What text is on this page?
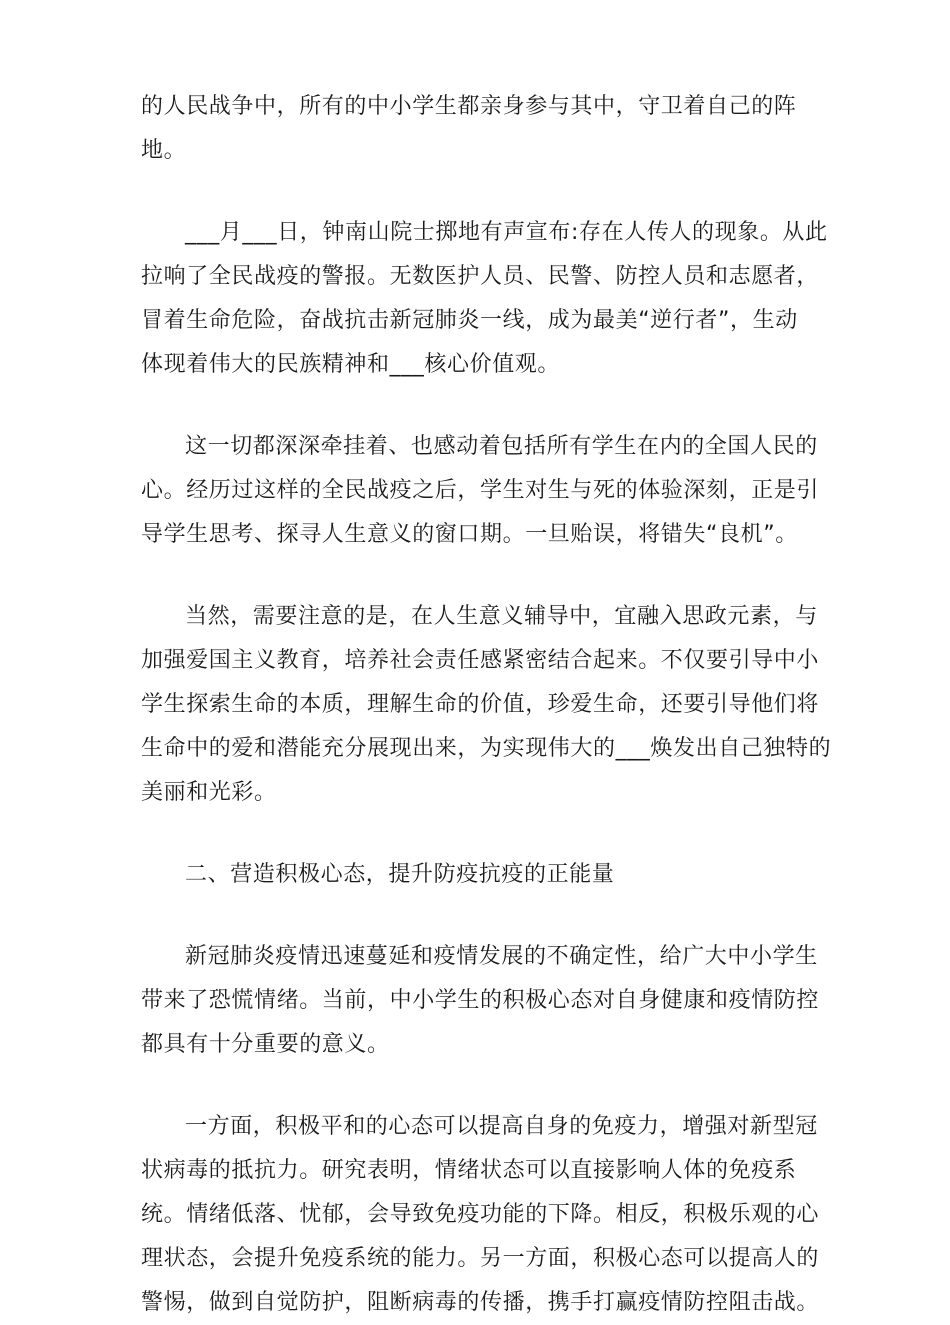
的人民战争中，所有的中小学生都亲身参与其中，守卫着自己的阵
地。
___月___日，钟南山院士掷地有声宣布:存在人传人的现象。从此
拉响了全民战疫的警报。无数医护人员、民警、防控人员和志愿者，
冒着生命危险，奋战抗击新冠肺炎一线，成为最美“逆行者”，生动
体现着伟大的民族精神和___核心价值观。
这一切都深深牵挂着、也感动着包括所有学生在内的全国人民的
心。经历过这样的全民战疫之后，学生对生与死的体验深刻，正是引
导学生思考、探寻人生意义的窗口期。一旦贻误，将错失“良机”。
当然，需要注意的是，在人生意义辅导中，宜融入思政元素，与
加强爱国主义教育，培养社会责任感紧密结合起来。不仅要引导中小
学生探索生命的本质，理解生命的价值，珍爱生命，还要引导他们将
生命中的爱和潜能充分展现出来，为实现伟大的___焕发出自己独特的
美丽和光彩。
二、营造积极心态，提升防疫抗疫的正能量
新冠肺炎疫情迅速蔓延和疫情发展的不确定性，给广大中小学生
带来了恐慌情绪。当前，中小学生的积极心态对自身健康和疫情防控
都具有十分重要的意义。
一方面，积极平和的心态可以提高自身的免疫力，增强对新型冠
状病毒的抵抗力。研究表明，情绪状态可以直接影响人体的免疫系
统。情绪低落、忧郁，会导致免疫功能的下降。相反，积极乐观的心
理状态，会提升免疫系统的能力。另一方面，积极心态可以提高人的
警惕，做到自觉防护，阻断病毒的传播，携手打赢疫情防控阻击战。
